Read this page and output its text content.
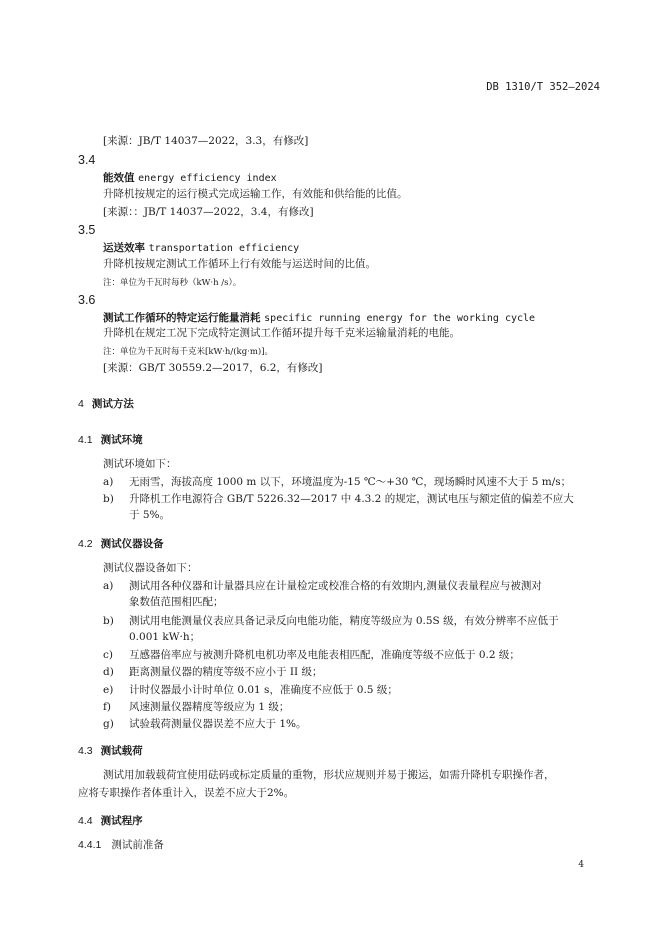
DB 1310/T 352—2024
[来源：JB/T 14037—2022，3.3，有修改]
3.4
能效值 energy efficiency index
升降机按规定的运行模式完成运输工作，有效能和供给能的比值。
[来源：：JB/T 14037—2022，3.4，有修改]
3.5
运送效率 transportation efficiency
升降机按规定测试工作循环上行有效能与运送时间的比值。
注：单位为千瓦时每秒（kW·h /s）。
3.6
测试工作循环的特定运行能量消耗 specific running energy for the working cycle
升降机在规定工况下完成特定测试工作循环提升每千克米运输量消耗的电能。
注：单位为千瓦时每千克米[kW·h/(kg·m)]。
[来源：GB/T 30559.2—2017，6.2，有修改]
4 测试方法
4.1 测试环境
测试环境如下：
a) 无雨雪，海拔高度 1000 m 以下，环境温度为-15 ℃～+30 ℃，现场瞬时风速不大于 5 m/s；
b) 升降机工作电源符合 GB/T 5226.32—2017 中 4.3.2 的规定，测试电压与额定值的偏差不应大
于 5%。
4.2 测试仪器设备
测试仪器设备如下：
a) 测试用各种仪器和计量器具应在计量检定或校准合格的有效期内,测量仪表量程应与被测对
象数值范围相匹配；
b) 测试用电能测量仪表应具备记录反向电能功能，精度等级应为 0.5S 级，有效分辨率不应低于
0.001 kW·h；
c) 互感器倍率应与被测升降机电机功率及电能表相匹配，准确度等级不应低于 0.2 级；
d) 距离测量仪器的精度等级不应小于 II 级；
e) 计时仪器最小计时单位 0.01 s，准确度不应低于 0.5 级；
f) 风速测量仪器精度等级应为 1 级；
g) 试验载荷测量仪器误差不应大于 1%。
4.3 测试载荷
测试用加载载荷宜使用砝码或标定质量的重物，形状应规则并易于搬运，如需升降机专职操作者，
应将专职操作者体重计入，误差不应大于2%。
4.4 测试程序
4.4.1 测试前准备
4
